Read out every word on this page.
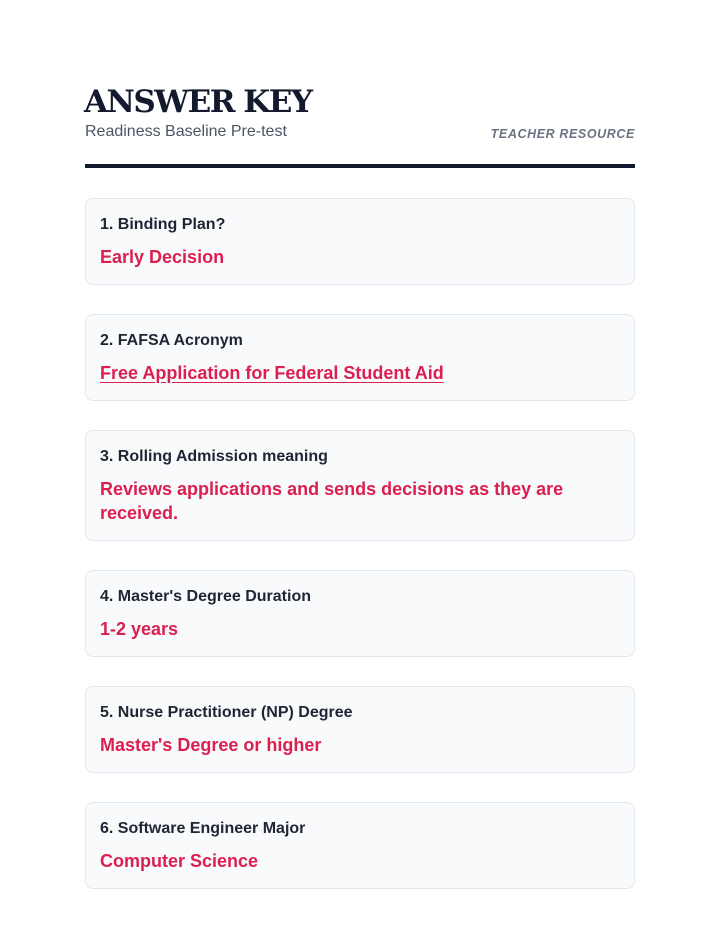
ANSWER KEY
Readiness Baseline Pre-test	TEACHER RESOURCE
1. Binding Plan?
Early Decision
2. FAFSA Acronym
Free Application for Federal Student Aid
3. Rolling Admission meaning
Reviews applications and sends decisions as they are received.
4. Master's Degree Duration
1-2 years
5. Nurse Practitioner (NP) Degree
Master's Degree or higher
6. Software Engineer Major
Computer Science
